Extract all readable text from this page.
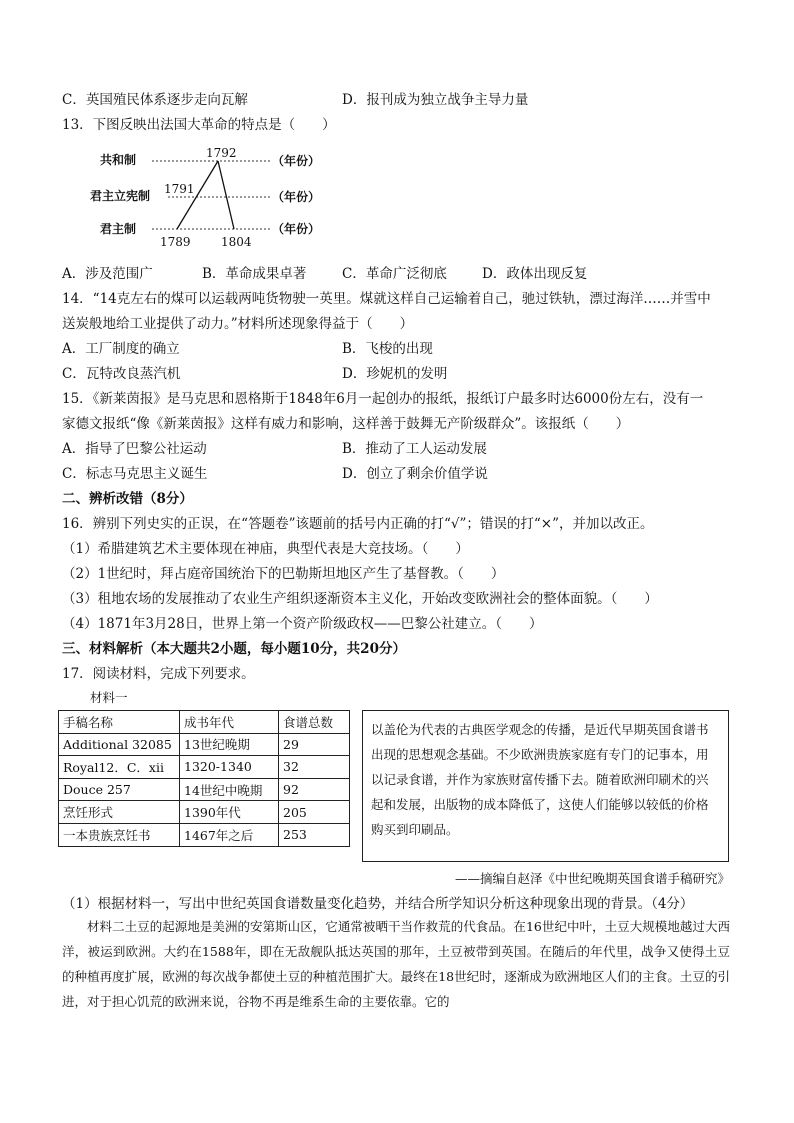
C．英国殖民体系逐步走向瓦解	D．报刊成为独立战争主导力量
13．下图反映出法国大革命的特点是（　　）
共和制
君主立宪制
君主制
（年份）
（年份）
（年份）
1792
1791
1789	1804
A．涉及范围广	B．革命成果卓著	C．革命广泛彻底	D．政体出现反复
14．“14克左右的煤可以运载两吨货物驶一英里。煤就这样自己运输着自己，驰过铁轨，漂过海洋……并雪中
送炭般地给工业提供了动力。”材料所述现象得益于（　　）
A．工厂制度的确立	B．飞梭的出现
C．瓦特改良蒸汽机	D．珍妮机的发明
15．《新莱茵报》是马克思和恩格斯于1848年6月一起创办的报纸，报纸订户最多时达6000份左右，没有一
家德文报纸“像《新莱茵报》这样有威力和影响，这样善于鼓舞无产阶级群众”。该报纸（　　）
A．指导了巴黎公社运动	B．推动了工人运动发展
C．标志马克思主义诞生	D．创立了剩余价值学说
二、辨析改错（8分）
16．辨别下列史实的正误，在“答题卷”该题前的括号内正确的打“√”；错误的打“×”，并加以改正。
（1）希腊建筑艺术主要体现在神庙，典型代表是大竞技场。（　　）
（2）1世纪时，拜占庭帝国统治下的巴勒斯坦地区产生了基督教。（　　）
（3）租地农场的发展推动了农业生产组织逐渐资本主义化，开始改变欧洲社会的整体面貌。（　　）
（4）1871年3月28日，世界上第一个资产阶级政权——巴黎公社建立。（　　）
三、材料解析（本大题共2小题，每小题10分，共20分）
17．阅读材料，完成下列要求。
材料一
手稿名称	成书年代	食谱总数
Additional 32085	13世纪晚期	29
Royal12．C．xii	1320-1340	32
Douce 257	14世纪中晚期	92
烹饪形式	1390年代	205
一本贵族烹饪书	1467年之后	253
以盖伦为代表的古典医学观念的传播，是近代早期英国食谱书出现的思想观念基础。不少欧洲贵族家庭有专门的记事本，用以记录食谱，并作为家族财富传播下去。随着欧洲印刷术的兴起和发展，出版物的成本降低了，这使人们能够以较低的价格购买到印刷品。
——摘编自赵泽《中世纪晚期英国食谱手稿研究》
（1）根据材料一，写出中世纪英国食谱数量变化趋势，并结合所学知识分析这种现象出现的背景。（4分）
材料二土豆的起源地是美洲的安第斯山区，它通常被晒干当作救荒的代食品。在16世纪中叶，土豆大规模地越过大西洋，被运到欧洲。大约在1588年，即在无敌舰队抵达英国的那年，土豆被带到英国。在随后的年代里，战争又使得土豆的种植再度扩展，欧洲的每次战争都使土豆的种植范围扩大。最终在18世纪时，逐渐成为欧洲地区人们的主食。土豆的引进，对于担心饥荒的欧洲来说，谷物不再是维系生命的主要依靠。它的
